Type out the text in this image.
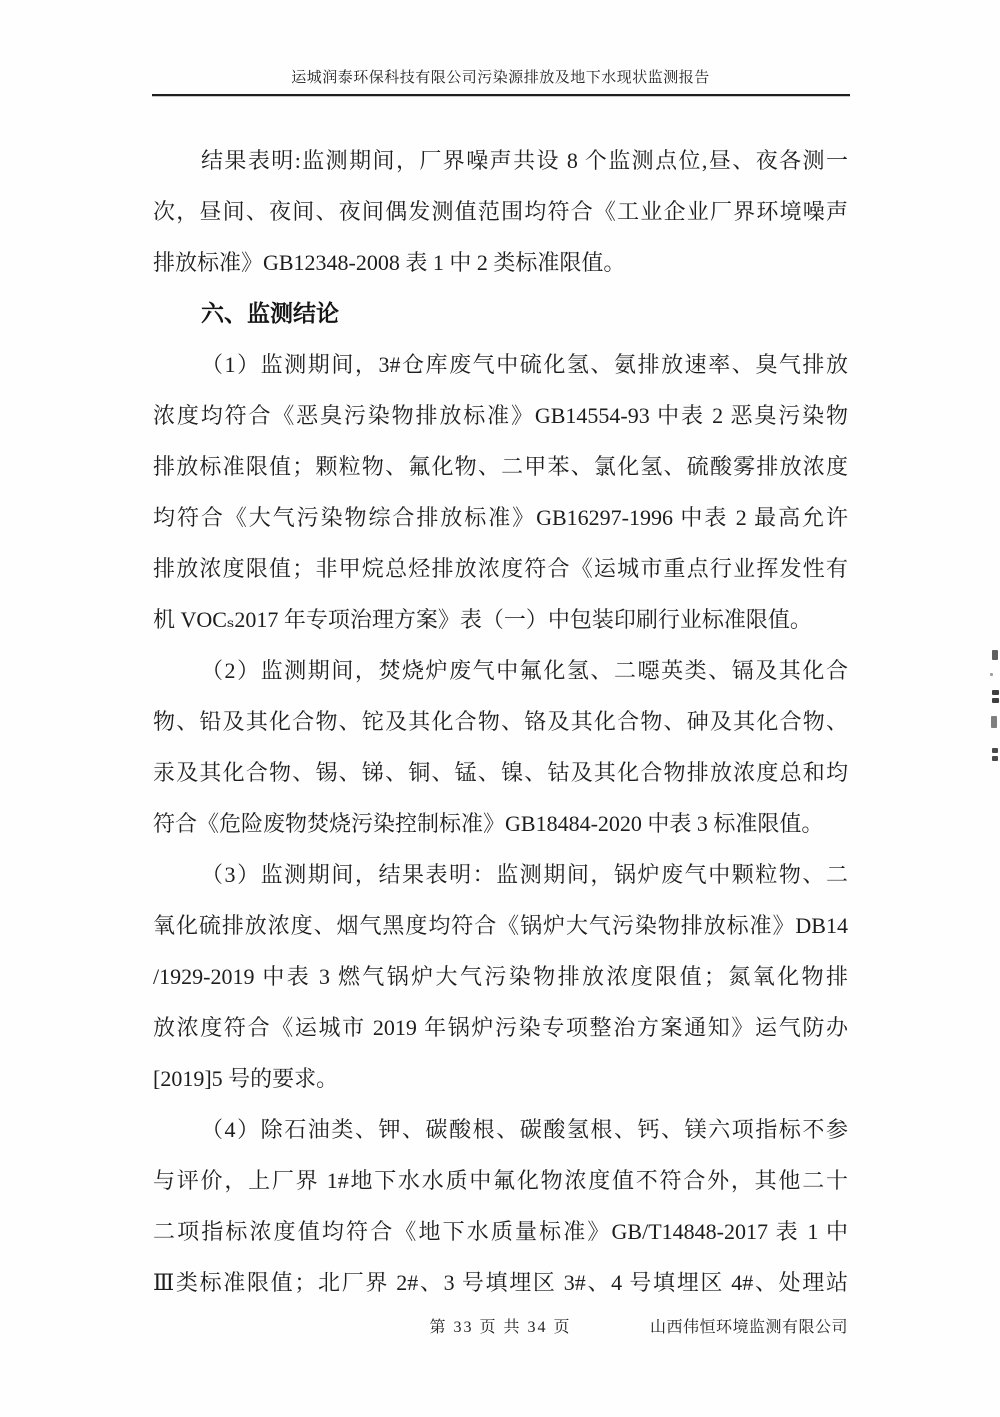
运城润泰环保科技有限公司污染源排放及地下水现状监测报告
结果表明:监测期间，厂界噪声共设 8 个监测点位,昼、夜各测一
次，昼间、夜间、夜间偶发测值范围均符合《工业企业厂界环境噪声
排放标准》GB12348-2008 表 1 中 2 类标准限值。
六、监测结论
（1）监测期间，3#仓库废气中硫化氢、氨排放速率、臭气排放
浓度均符合《恶臭污染物排放标准》GB14554-93 中表 2 恶臭污染物
排放标准限值；颗粒物、氟化物、二甲苯、氯化氢、硫酸雾排放浓度
均符合《大气污染物综合排放标准》GB16297-1996 中表 2 最高允许
排放浓度限值；非甲烷总烃排放浓度符合《运城市重点行业挥发性有
机 VOCₛ2017 年专项治理方案》表（一）中包装印刷行业标准限值。
（2）监测期间，焚烧炉废气中氟化氢、二噁英类、镉及其化合
物、铅及其化合物、铊及其化合物、铬及其化合物、砷及其化合物、
汞及其化合物、锡、锑、铜、锰、镍、钴及其化合物排放浓度总和均
符合《危险废物焚烧污染控制标准》GB18484-2020 中表 3 标准限值。
（3）监测期间，结果表明：监测期间，锅炉废气中颗粒物、二
氧化硫排放浓度、烟气黑度均符合《锅炉大气污染物排放标准》DB14
/1929-2019 中表 3 燃气锅炉大气污染物排放浓度限值；氮氧化物排
放浓度符合《运城市 2019 年锅炉污染专项整治方案通知》运气防办
[2019]5 号的要求。
（4）除石油类、钾、碳酸根、碳酸氢根、钙、镁六项指标不参
与评价，上厂界 1#地下水水质中氟化物浓度值不符合外，其他二十
二项指标浓度值均符合《地下水质量标准》GB/T14848-2017 表 1 中
Ⅲ类标准限值；北厂界 2#、3 号填埋区 3#、4 号填埋区 4#、处理站
第 33 页 共 34 页	山西伟恒环境监测有限公司
